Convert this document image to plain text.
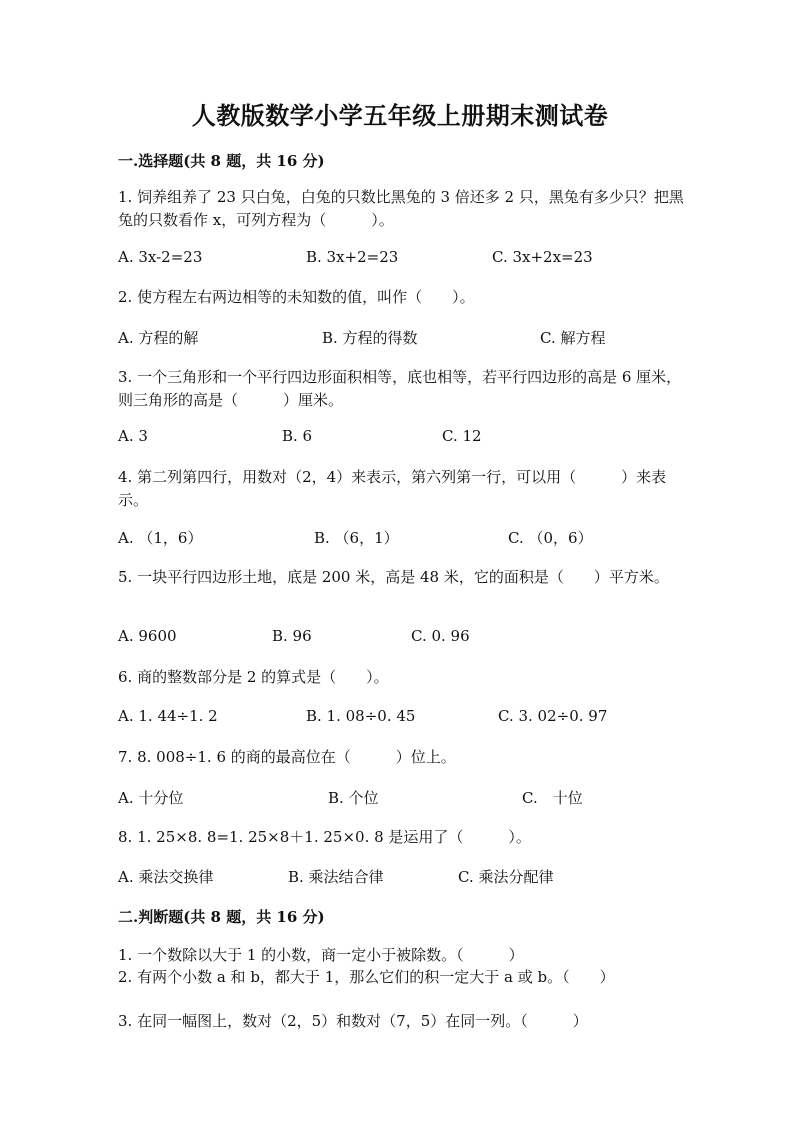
人教版数学小学五年级上册期末测试卷
一.选择题(共 8 题，共 16 分)
1. 饲养组养了 23 只白兔，白兔的只数比黑兔的 3 倍还多 2 只，黑兔有多少只？把黑兔的只数看作 x，可列方程为（　　　）。
A. 3x-2=23	B. 3x+2=23	C. 3x+2x=23
2. 使方程左右两边相等的未知数的值，叫作（　　）。
A. 方程的解	B. 方程的得数	C. 解方程
3. 一个三角形和一个平行四边形面积相等，底也相等，若平行四边形的高是 6 厘米，则三角形的高是（　　　）厘米。
A. 3	B. 6	C. 12
4. 第二列第四行，用数对（2，4）来表示，第六列第一行，可以用（　　　）来表示。
A. （1，6）	B. （6，1）	C. （0，6）
5. 一块平行四边形土地，底是 200 米，高是 48 米，它的面积是（　　）平方米。
A. 9600	B. 96	C. 0. 96
6. 商的整数部分是 2 的算式是（　　）。
A. 1. 44÷1. 2	B. 1. 08÷0. 45	C. 3. 02÷0. 97
7. 8. 008÷1. 6 的商的最高位在（　　　）位上。
A. 十分位	B. 个位	C.　十位
8. 1. 25×8. 8=1. 25×8＋1. 25×0. 8 是运用了（　　　）。
A. 乘法交换律	B. 乘法结合律	C. 乘法分配律
二.判断题(共 8 题，共 16 分)
1. 一个数除以大于 1 的小数，商一定小于被除数。（　　　）
2. 有两个小数 a 和 b，都大于 1，那么它们的积一定大于 a 或 b。（　　）
3. 在同一幅图上，数对（2，5）和数对（7，5）在同一列。（　　　）
